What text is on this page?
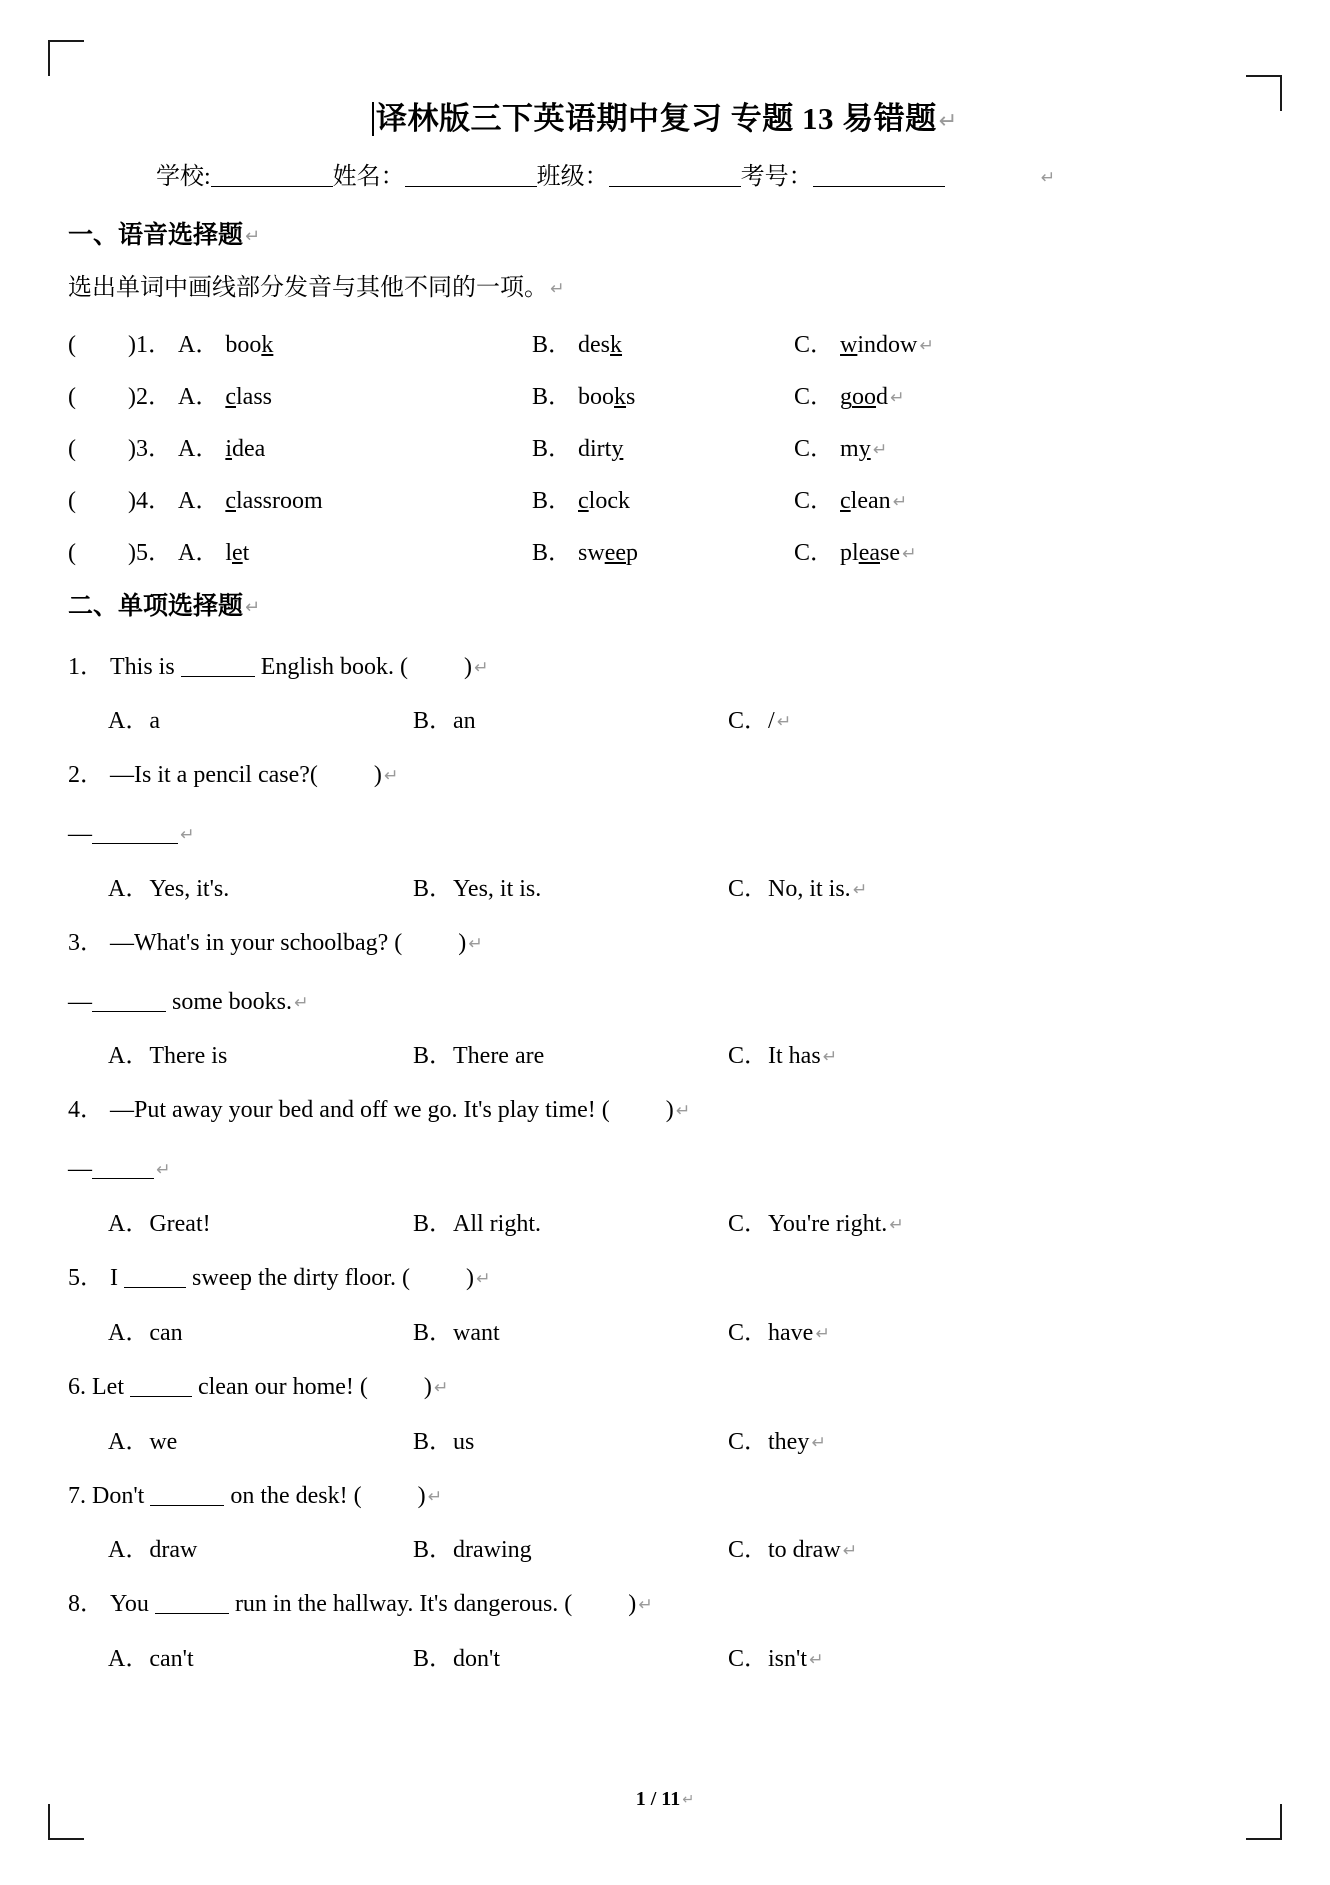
译林版三下英语期中复习 专题 13 易错题↵
学校:	姓名：	班级：	考号：	↵
一、语音选择题 ↵
选出单词中画线部分发音与其他不同的一项。 ↵
( )1． A． book	B． desk	C． window ↵
( )2． A． class	B． books	C． good ↵
( )3． A． idea	B． dirty	C． my ↵
( )4． A． classroom	B． clock	C． clean ↵
( )5． A． let	B． sweep	C． please ↵
二、单项选择题 ↵
1． This is	English book. ( ) ↵
A．a	B．an	C．/ ↵
2． —Is it a pencil case?( ) ↵
—	↵
A．Yes, it's.	B．Yes, it is.	C．No, it is. ↵
3． —What's in your schoolbag? ( ) ↵
—	some books. ↵
A．There is	B．There are	C．It has ↵
4． —Put away your bed and off we go. It's play time! ( ) ↵
—	↵
A．Great!	B．All right.	C．You're right. ↵
5． I	sweep the dirty floor. ( ) ↵
A．can	B．want	C．have ↵
6. Let	clean our home! ( ) ↵
A．we	B．us	C．they ↵
7. Don't	on the desk! ( ) ↵
A．draw	B．drawing	C．to draw ↵
8． You	run in the hallway. It's dangerous. ( ) ↵
A．can't	B．don't	C．isn't ↵
1 / 11 ↵
